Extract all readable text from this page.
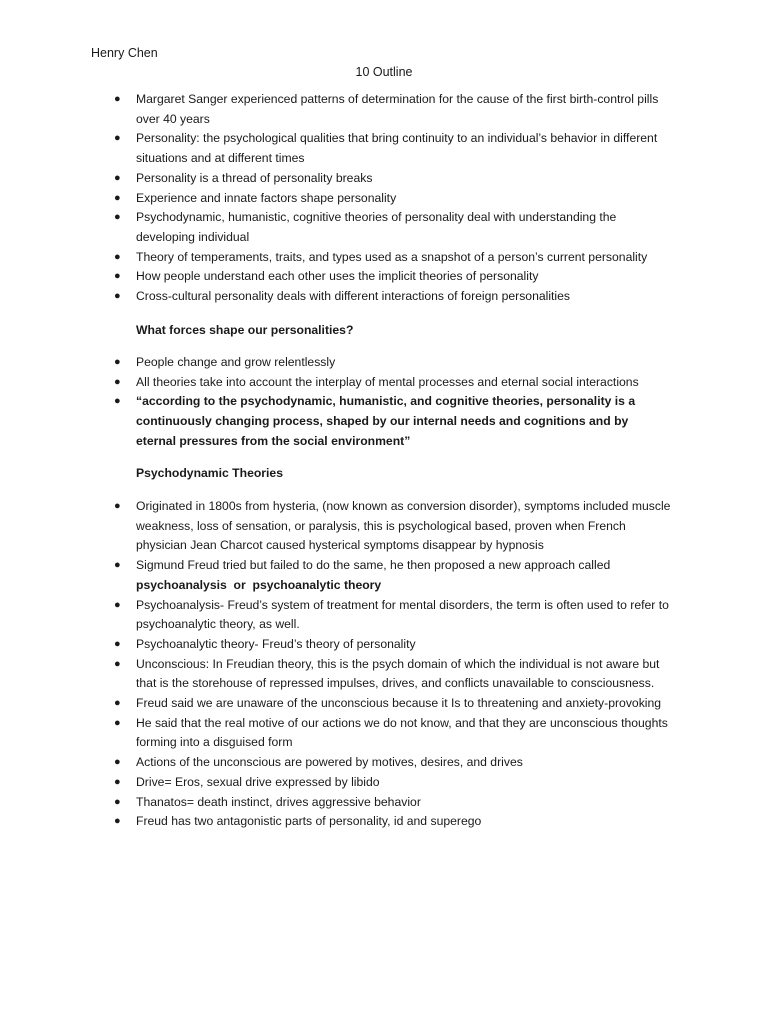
Henry Chen
10 Outline
● Margaret Sanger experienced patterns of determination for the cause of the first birth-control pills over 40 years
● Personality: the psychological qualities that bring continuity to an individual’s behavior in different situations and at different times
● Personality is a thread of personality breaks
● Experience and innate factors shape personality
● Psychodynamic, humanistic, cognitive theories of personality deal with understanding the developing individual
● Theory of temperaments, traits, and types used as a snapshot of a person’s current personality
● How people understand each other uses the implicit theories of personality
● Cross-cultural personality deals with different interactions of foreign personalities
What forces shape our personalities?
● People change and grow relentlessly
● All theories take into account the interplay of mental processes and eternal social interactions
● “according to the psychodynamic, humanistic, and cognitive theories, personality is a continuously changing process, shaped by our internal needs and cognitions and by eternal pressures from the social environment”
Psychodynamic Theories
● Originated in 1800s from hysteria, (now known as conversion disorder), symptoms included muscle weakness, loss of sensation, or paralysis, this is psychological based, proven when French physician Jean Charcot caused hysterical symptoms disappear by hypnosis
● Sigmund Freud tried but failed to do the same, he then proposed a new approach called
psychoanalysis  or  psychoanalytic theory
● Psychoanalysis- Freud’s system of treatment for mental disorders, the term is often used to refer to psychoanalytic theory, as well.
● Psychoanalytic theory- Freud’s theory of personality
● Unconscious: In Freudian theory, this is the psych domain of which the individual is not aware but that is the storehouse of repressed impulses, drives, and conflicts unavailable to consciousness.
● Freud said we are unaware of the unconscious because it Is to threatening and anxiety-provoking
● He said that the real motive of our actions we do not know, and that they are unconscious thoughts forming into a disguised form
● Actions of the unconscious are powered by motives, desires, and drives
● Drive= Eros, sexual drive expressed by libido
● Thanatos= death instinct, drives aggressive behavior
● Freud has two antagonistic parts of personality, id and superego
